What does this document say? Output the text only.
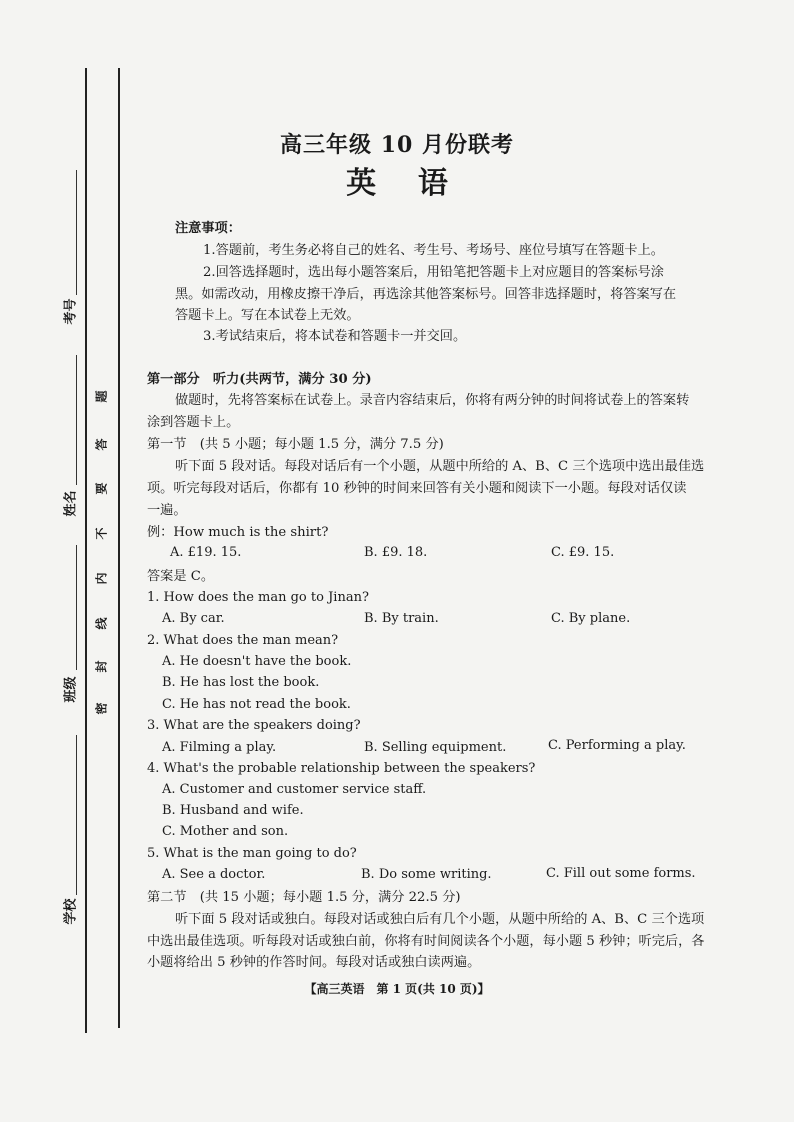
考号
姓名
班级
学校
题
答
要
不
内
线
封
密
高三年级 10 月份联考
英    语
注意事项：
1.答题前，考生务必将自己的姓名、考生号、考场号、座位号填写在答题卡上。
2.回答选择题时，选出每小题答案后，用铅笔把答题卡上对应题目的答案标号涂
黑。如需改动，用橡皮擦干净后，再选涂其他答案标号。回答非选择题时，将答案写在
答题卡上。写在本试卷上无效。
3.考试结束后，将本试卷和答题卡一并交回。
第一部分　听力(共两节，满分 30 分)
做题时，先将答案标在试卷上。录音内容结束后，你将有两分钟的时间将试卷上的答案转
涂到答题卡上。
第一节　(共 5 小题；每小题 1.5 分，满分 7.5 分)
听下面 5 段对话。每段对话后有一个小题，从题中所给的 A、B、C 三个选项中选出最佳选
项。听完每段对话后，你都有 10 秒钟的时间来回答有关小题和阅读下一小题。每段对话仅读
一遍。
例：How much is the shirt?
A. £19. 15.	B. £9. 18.	C. £9. 15.
答案是 C。
1. How does the man go to Jinan?
A. By car.	B. By train.	C. By plane.
2. What does the man mean?
A. He doesn't have the book.
B. He has lost the book.
C. He has not read the book.
3. What are the speakers doing?
A. Filming a play.	B. Selling equipment.	C. Performing a play.
4. What's the probable relationship between the speakers?
A. Customer and customer service staff.
B. Husband and wife.
C. Mother and son.
5. What is the man going to do?
A. See a doctor.	B. Do some writing.	C. Fill out some forms.
第二节　(共 15 小题；每小题 1.5 分，满分 22.5 分)
听下面 5 段对话或独白。每段对话或独白后有几个小题，从题中所给的 A、B、C 三个选项
中选出最佳选项。听每段对话或独白前，你将有时间阅读各个小题，每小题 5 秒钟；听完后，各
小题将给出 5 秒钟的作答时间。每段对话或独白读两遍。
【高三英语　第 1 页(共 10 页)】
